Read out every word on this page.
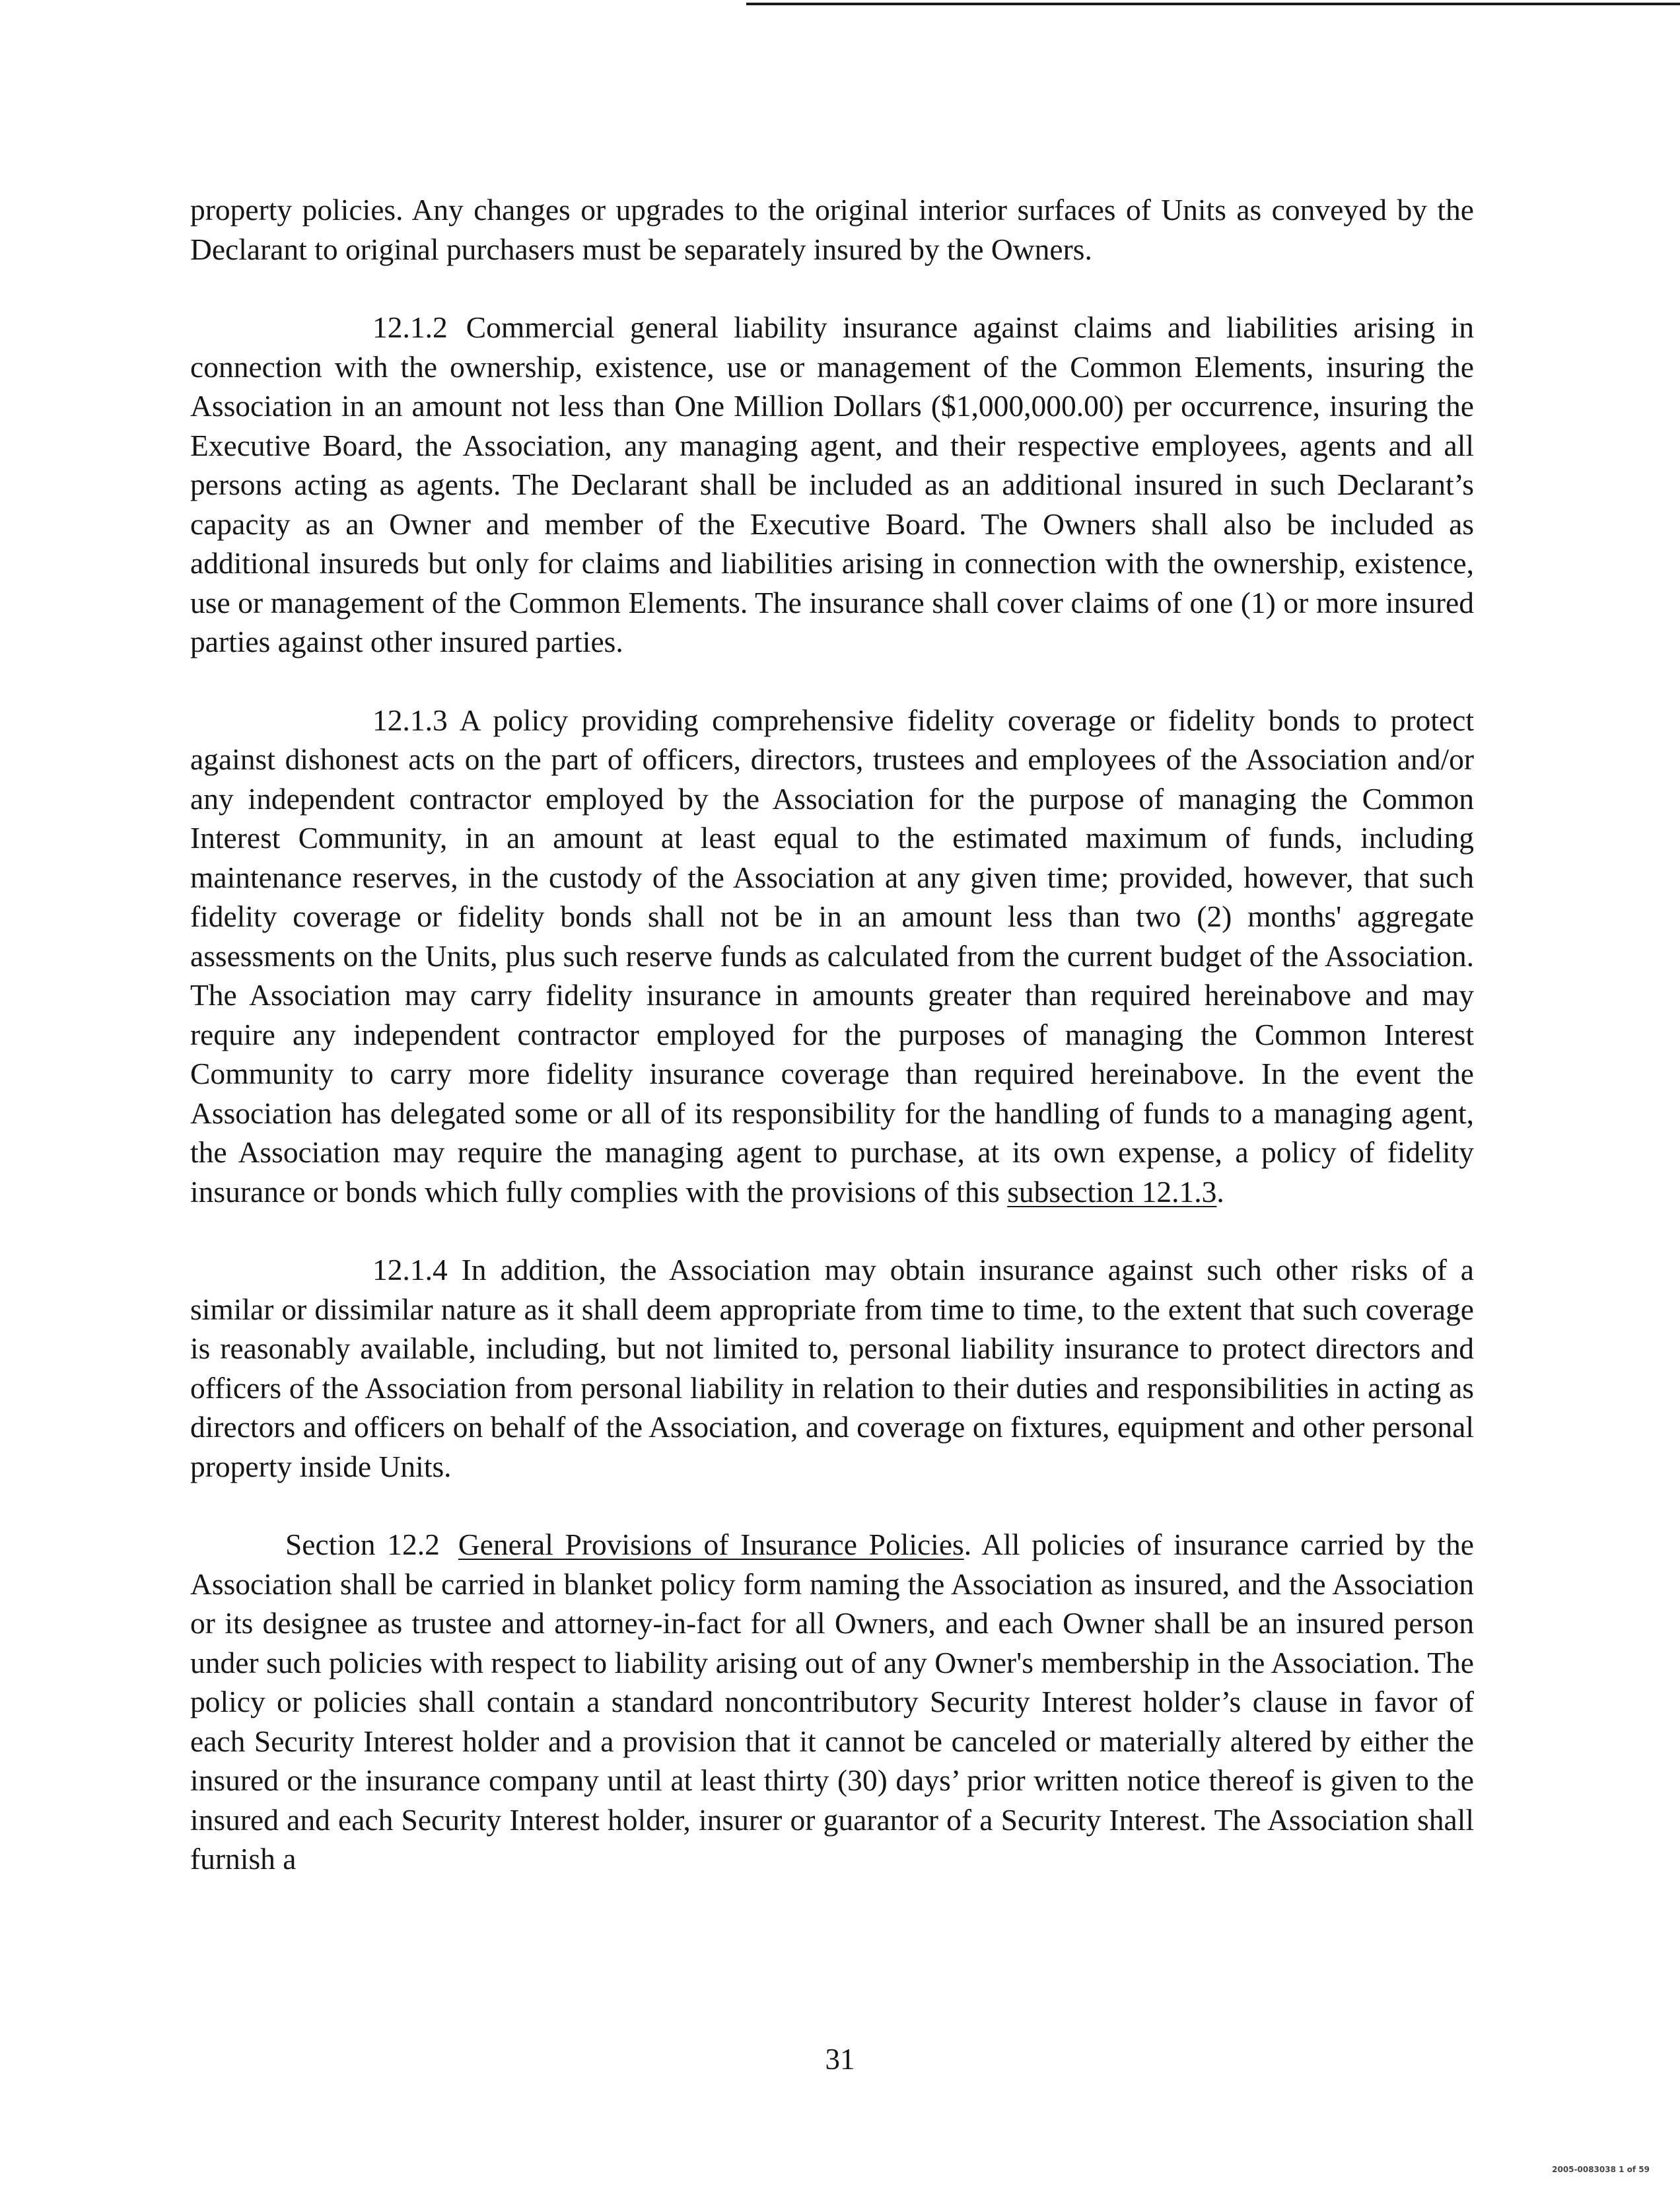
property policies. Any changes or upgrades to the original interior surfaces of Units as conveyed by the Declarant to original purchasers must be separately insured by the Owners.

12.1.2 Commercial general liability insurance against claims and liabilities arising in connection with the ownership, existence, use or management of the Common Elements, insuring the Association in an amount not less than One Million Dollars ($1,000,000.00) per occurrence, insuring the Executive Board, the Association, any managing agent, and their respective employees, agents and all persons acting as agents. The Declarant shall be included as an additional insured in such Declarant’s capacity as an Owner and member of the Executive Board. The Owners shall also be included as additional insureds but only for claims and liabilities arising in connection with the ownership, existence, use or management of the Common Elements. The insurance shall cover claims of one (1) or more insured parties against other insured parties.

12.1.3 A policy providing comprehensive fidelity coverage or fidelity bonds to protect against dishonest acts on the part of officers, directors, trustees and employees of the Association and/or any independent contractor employed by the Association for the purpose of managing the Common Interest Community, in an amount at least equal to the estimated maximum of funds, including maintenance reserves, in the custody of the Association at any given time; provided, however, that such fidelity coverage or fidelity bonds shall not be in an amount less than two (2) months' aggregate assessments on the Units, plus such reserve funds as calculated from the current budget of the Association. The Association may carry fidelity insurance in amounts greater than required hereinabove and may require any independent contractor employed for the purposes of managing the Common Interest Community to carry more fidelity insurance coverage than required hereinabove. In the event the Association has delegated some or all of its responsibility for the handling of funds to a managing agent, the Association may require the managing agent to purchase, at its own expense, a policy of fidelity insurance or bonds which fully complies with the provisions of this subsection 12.1.3.

12.1.4 In addition, the Association may obtain insurance against such other risks of a similar or dissimilar nature as it shall deem appropriate from time to time, to the extent that such coverage is reasonably available, including, but not limited to, personal liability insurance to protect directors and officers of the Association from personal liability in relation to their duties and responsibilities in acting as directors and officers on behalf of the Association, and coverage on fixtures, equipment and other personal property inside Units.

Section 12.2 General Provisions of Insurance Policies. All policies of insurance carried by the Association shall be carried in blanket policy form naming the Association as insured, and the Association or its designee as trustee and attorney-in-fact for all Owners, and each Owner shall be an insured person under such policies with respect to liability arising out of any Owner's membership in the Association. The policy or policies shall contain a standard noncontributory Security Interest holder’s clause in favor of each Security Interest holder and a provision that it cannot be canceled or materially altered by either the insured or the insurance company until at least thirty (30) days’ prior written notice thereof is given to the insured and each Security Interest holder, insurer or guarantor of a Security Interest. The Association shall furnish a

31
2005-0083038 1 of 59
